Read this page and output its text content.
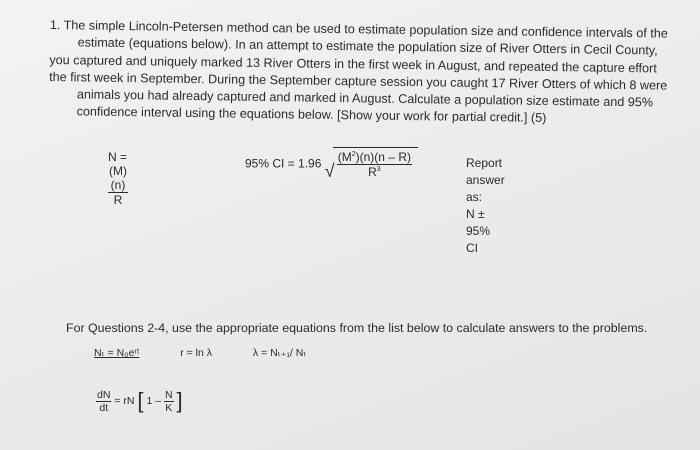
1. The simple Lincoln-Petersen method can be used to estimate population size and confidence intervals of the
estimate (equations below). In an attempt to estimate the population size of River Otters in Cecil County,
you captured and uniquely marked 13 River Otters in the first week in August, and repeated the capture effort
the first week in September. During the September capture session you caught 17 River Otters of which 8 were
animals you had already captured and marked in August. Calculate a population size estimate and 95%
confidence interval using the equations below. [Show your work for partial credit.] (5)
N =
$\frac{(M)(n)}{R}$
95% CI = 1.96 √ $\frac{(M^2)(n)(n - R)}{R^3}$	Report answer as:
N ± 95% CI
For Questions 2-4, use the appropriate equations from the list below to calculate answers to the problems.
Nₜ = N₀eʳᵗ	r = ln λ	λ = Nₜ₊₁/ Nₜ
$\frac{dN}{dt}$ = rN [ $1 - \frac{N}{K}$ ]
